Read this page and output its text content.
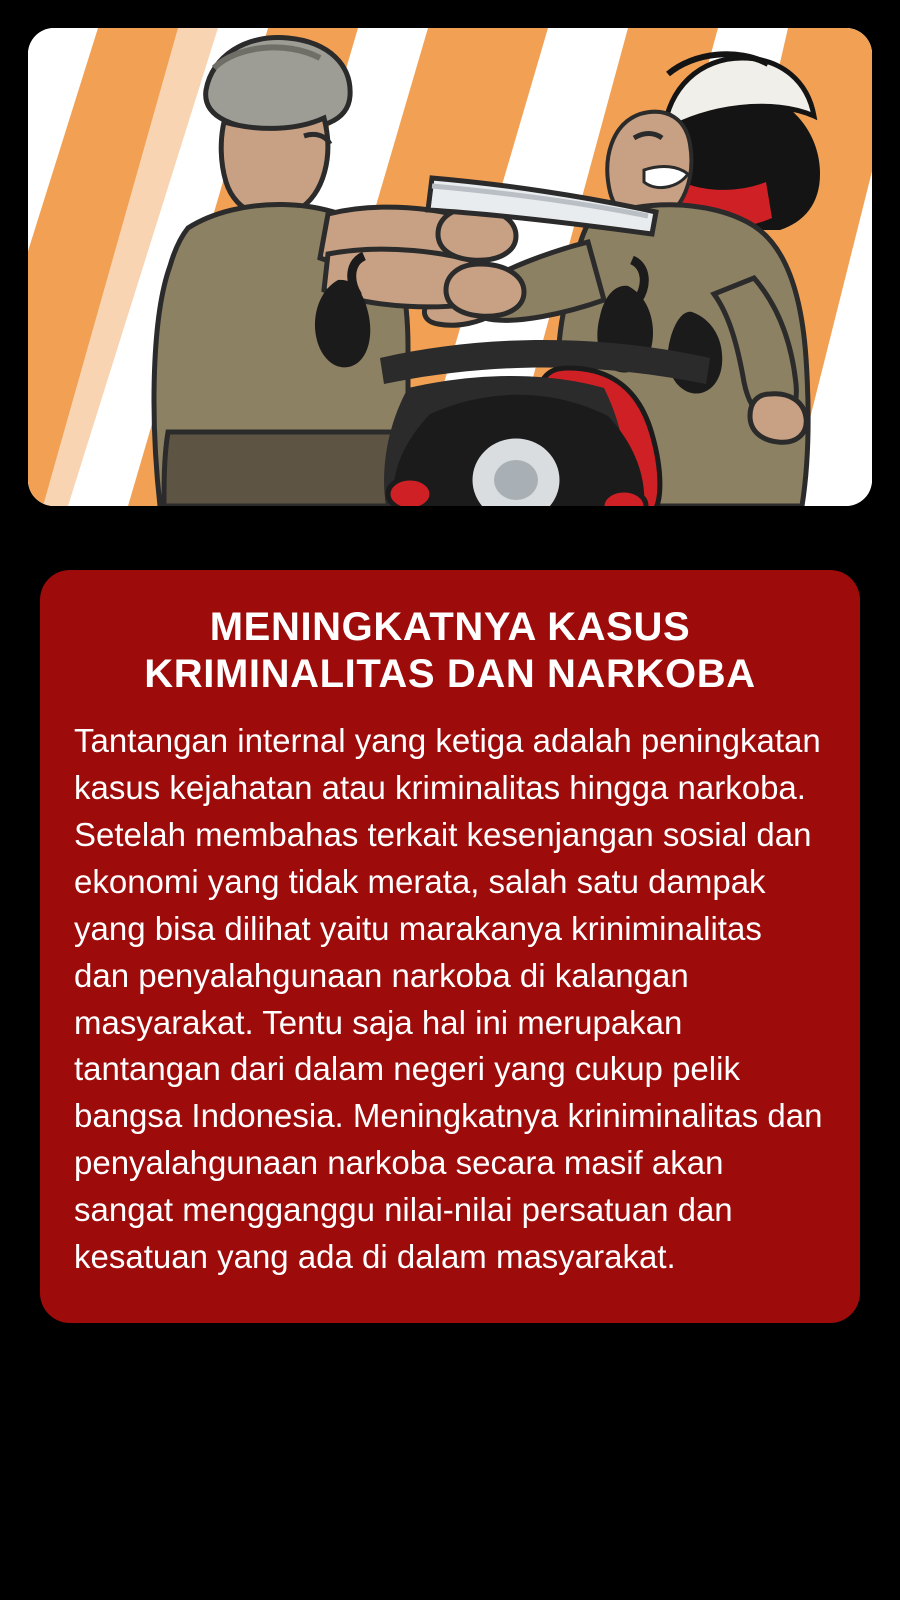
MENINGKATNYA KASUS KRIMINALITAS DAN NARKOBA

Tantangan internal yang ketiga adalah peningkatan kasus kejahatan atau kriminalitas hingga narkoba. Setelah membahas terkait kesenjangan sosial dan ekonomi yang tidak merata, salah satu dampak yang bisa dilihat yaitu marakanya kriniminalitas dan penyalahgunaan narkoba di kalangan masyarakat. Tentu saja hal ini merupakan tantangan dari dalam negeri yang cukup pelik bangsa Indonesia. Meningkatnya kriniminalitas dan penyalahgunaan narkoba secara masif akan sangat mengganggu nilai-nilai persatuan dan kesatuan yang ada di dalam masyarakat.
